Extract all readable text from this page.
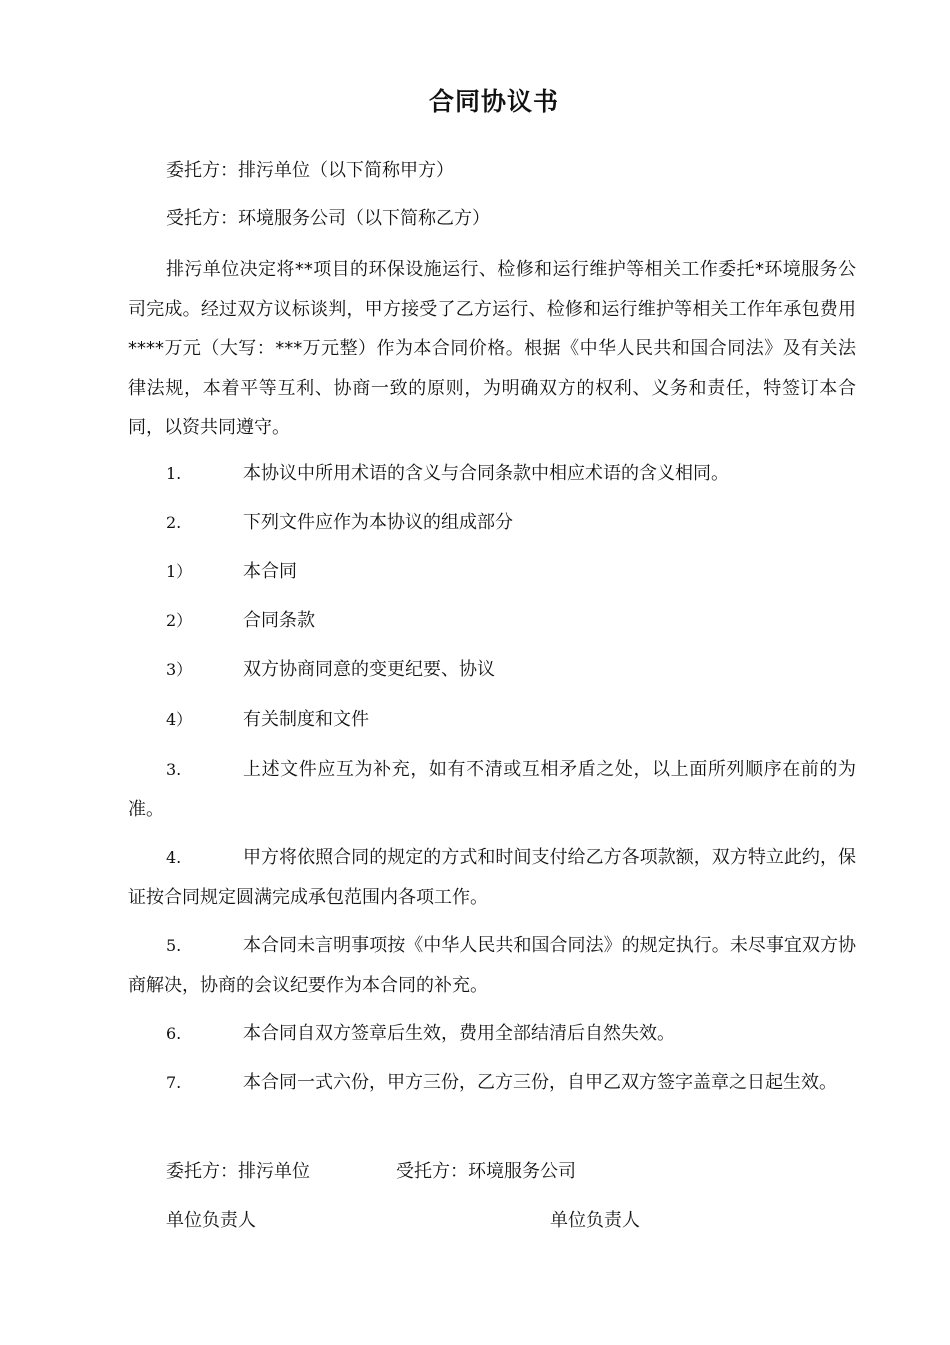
合同协议书
委托方：排污单位（以下简称甲方）
受托方：环境服务公司（以下简称乙方）
排污单位决定将**项目的环保设施运行、检修和运行维护等相关工作委托*环境服务公司完成。经过双方议标谈判，甲方接受了乙方运行、检修和运行维护等相关工作年承包费用****万元（大写：***万元整）作为本合同价格。根据《中华人民共和国合同法》及有关法律法规，本着平等互利、协商一致的原则，为明确双方的权利、义务和责任，特签订本合同，以资共同遵守。
1.	本协议中所用术语的含义与合同条款中相应术语的含义相同。
2.	下列文件应作为本协议的组成部分
1）	本合同
2）	合同条款
3）	双方协商同意的变更纪要、协议
4）	有关制度和文件
3.	上述文件应互为补充，如有不清或互相矛盾之处，以上面所列顺序在前的为准。
4.	甲方将依照合同的规定的方式和时间支付给乙方各项款额，双方特立此约，保证按合同规定圆满完成承包范围内各项工作。
5.	本合同未言明事项按《中华人民共和国合同法》的规定执行。未尽事宜双方协商解决，协商的会议纪要作为本合同的补充。
6.	本合同自双方签章后生效，费用全部结清后自然失效。
7.	本合同一式六份，甲方三份，乙方三份，自甲乙双方签字盖章之日起生效。
委托方：排污单位	受托方：环境服务公司
单位负责人	单位负责人
